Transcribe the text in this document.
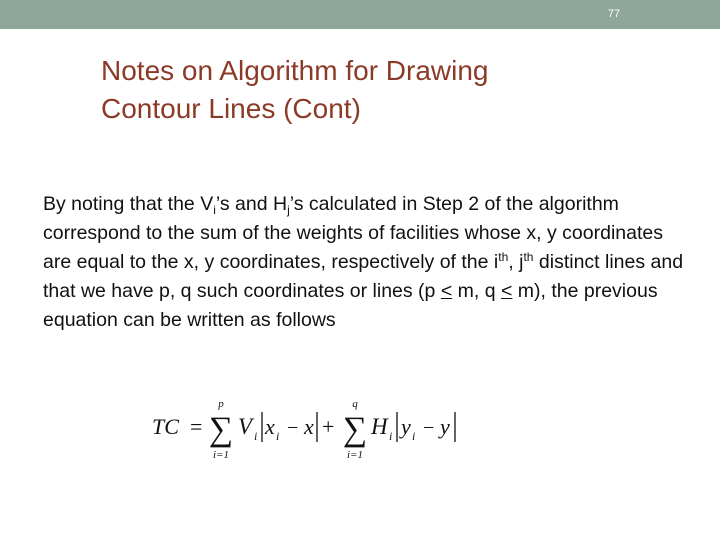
77
Notes on Algorithm for Drawing
Contour Lines (Cont)

By noting that the $V_i’s$ and $H_j’s$ calculated in Step 2 of the algorithm correspond to the sum of the weights of facilities whose x, y coordinates are equal to the x, y coordinates, respectively of the $i^{th}$, $j^{th}$ distinct lines and that we have p, q such coordinates or lines (p < m, q < m), the previous equation can be written as follows

TC =
p
∑
i=1
V i x i − x +
q
∑
i=1
H i y i − y
